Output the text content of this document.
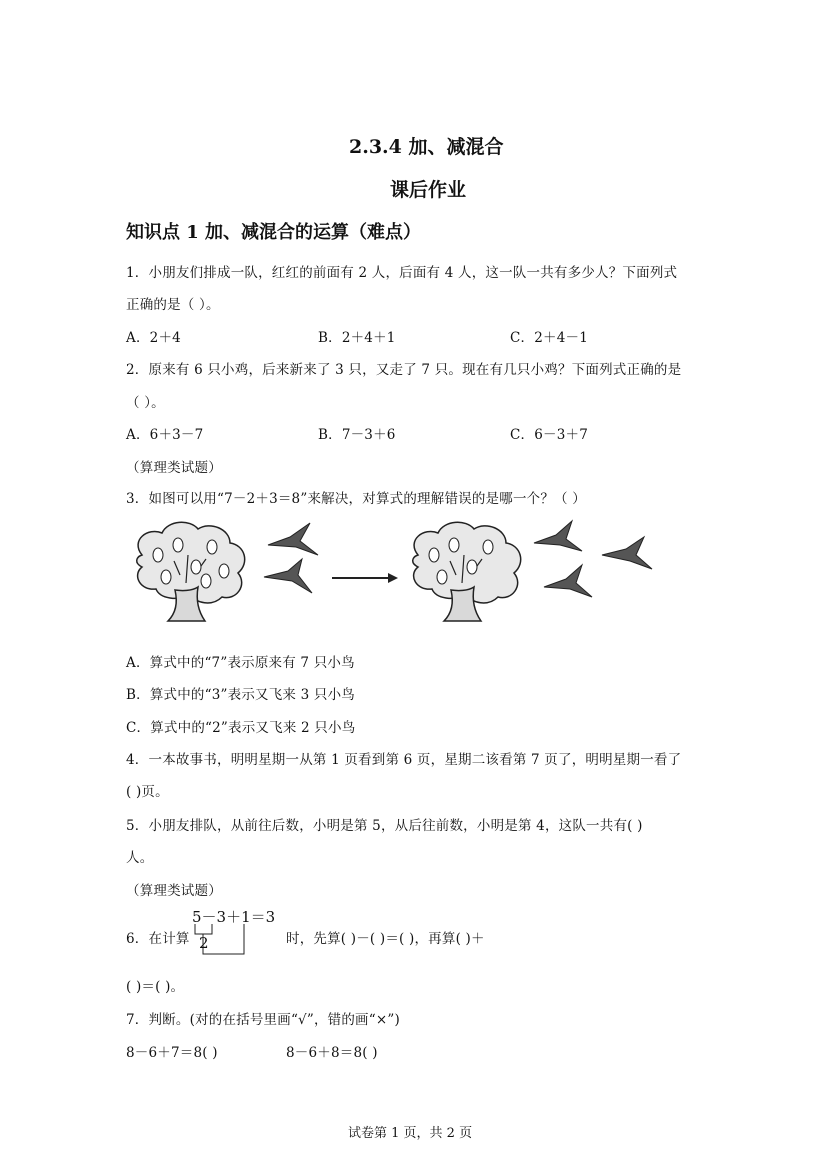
2.3.4 加、减混合
课后作业
知识点 1 加、减混合的运算（难点）
1．小朋友们排成一队，红红的前面有 2 人，后面有 4 人，这一队一共有多少人？下面列式
正确的是（ ）。
A．2＋4	B．2＋4＋1	C．2＋4－1
2．原来有 6 只小鸡，后来新来了 3 只，又走了 7 只。现在有几只小鸡？下面列式正确的是
（ ）。
A．6＋3－7	B．7－3＋6	C．6－3＋7
（算理类试题）
3．如图可以用“7－2＋3＝8”来解决，对算式的理解错误的是哪一个？（ ）
A．算式中的“7”表示原来有 7 只小鸟
B．算式中的“3”表示又飞来 3 只小鸟
C．算式中的“2”表示又飞来 2 只小鸟
4．一本故事书，明明星期一从第 1 页看到第 6 页，星期二该看第 7 页了，明明星期一看了
( )页。
5．小朋友排队，从前往后数，小明是第 5，从后往前数，小明是第 4，这队一共有( )
人。
（算理类试题）
6．在计算
5－3＋1＝3
2	时，先算( )－( )＝( )，再算( )＋
( )＝( )。
7．判断。(对的在括号里画“√”，错的画“×”)
8－6＋7＝8( )	8－6＋8＝8( )
试卷第 1 页，共 2 页
